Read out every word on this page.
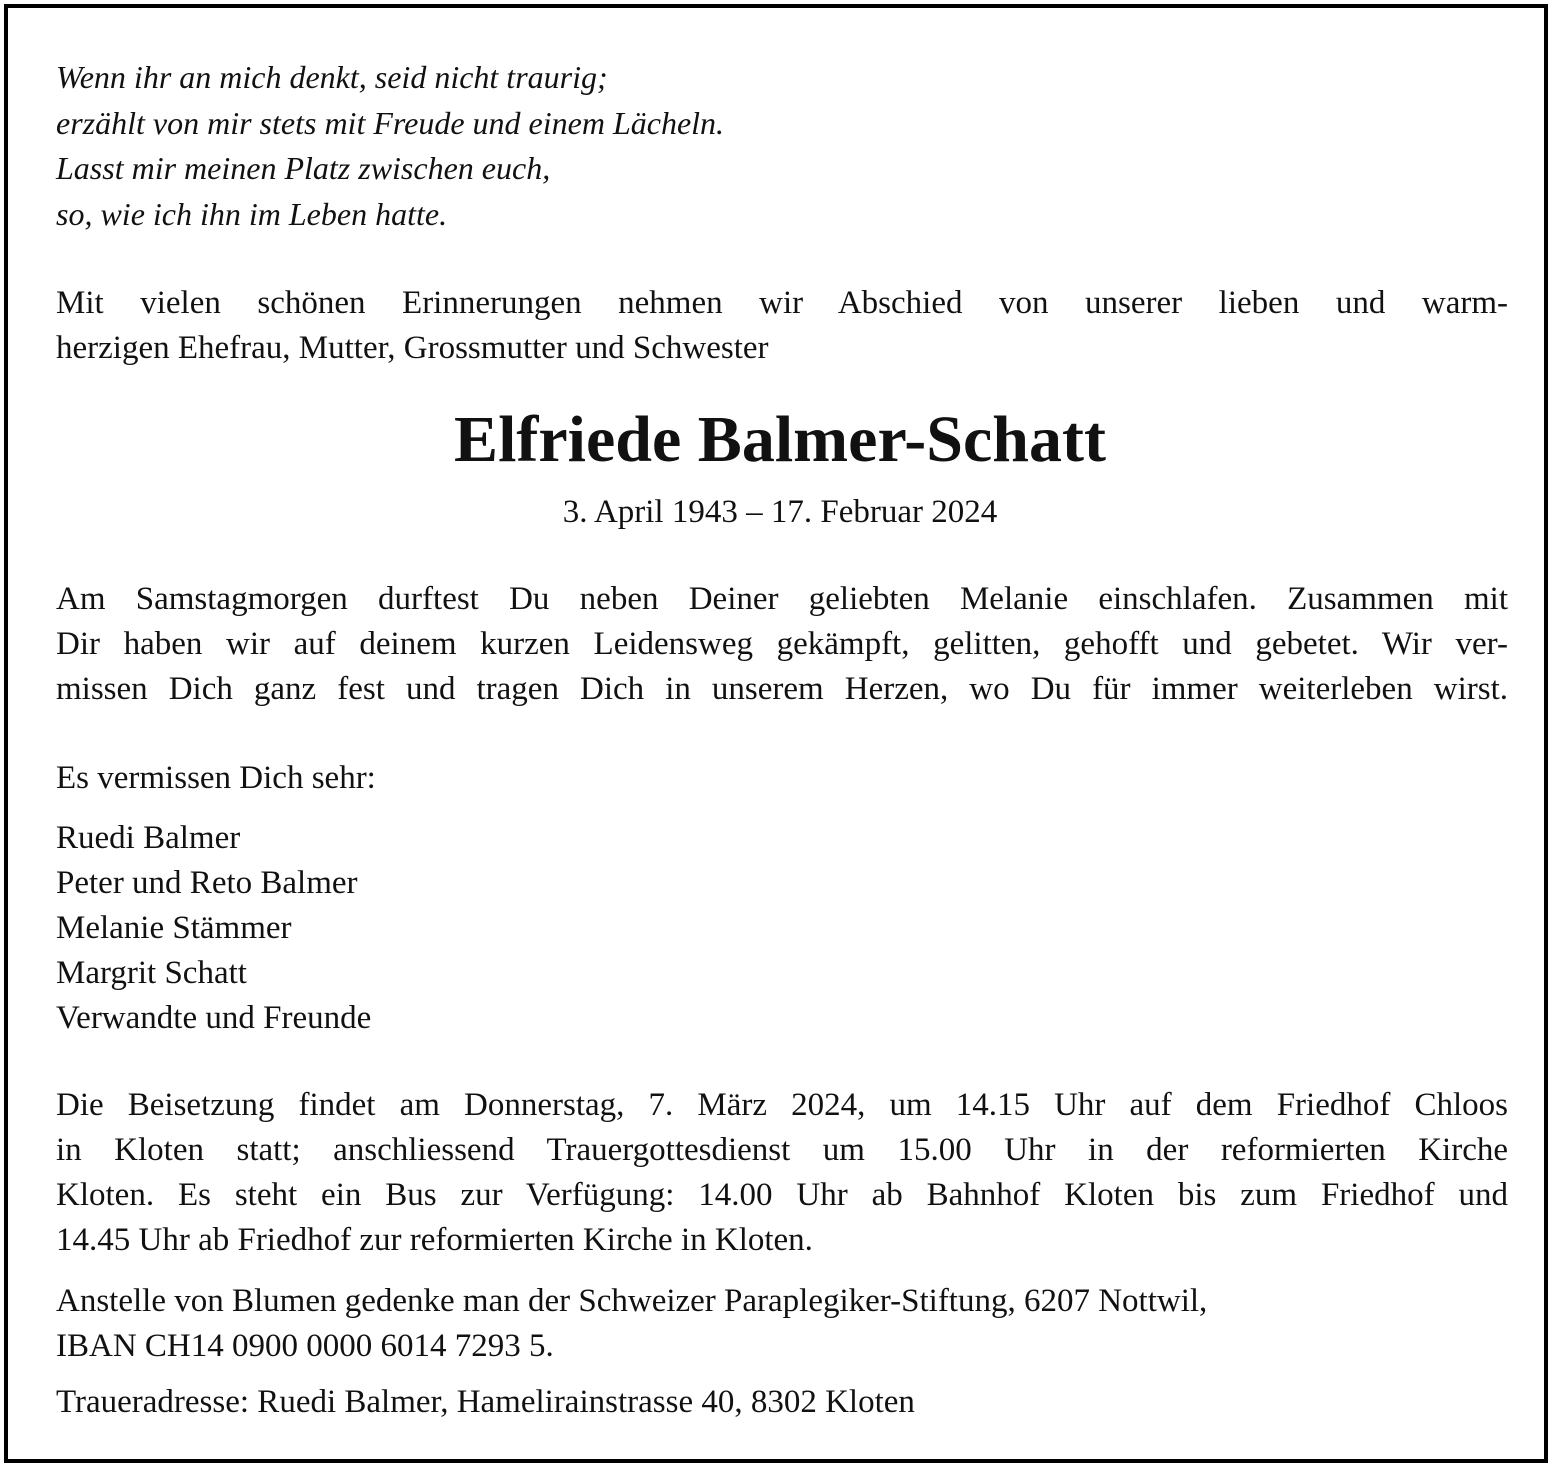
Wenn ihr an mich denkt, seid nicht traurig;
erzählt von mir stets mit Freude und einem Lächeln.
Lasst mir meinen Platz zwischen euch,
so, wie ich ihn im Leben hatte.
Mit vielen schönen Erinnerungen nehmen wir Abschied von unserer lieben und warm-
herzigen Ehefrau, Mutter, Grossmutter und Schwester
Elfriede Balmer-Schatt

3. April 1943 – 17. Februar 2024

Am Samstagmorgen durftest Du neben Deiner geliebten Melanie einschlafen. Zusammen mit
Dir haben wir auf deinem kurzen Leidensweg gekämpft, gelitten, gehofft und gebetet. Wir ver-
missen Dich ganz fest und tragen Dich in unserem Herzen, wo Du für immer weiterleben wirst.

Es vermissen Dich sehr:

Ruedi Balmer
Peter und Reto Balmer
Melanie Stämmer
Margrit Schatt
Verwandte und Freunde
Die Beisetzung findet am Donnerstag, 7. März 2024, um 14.15 Uhr auf dem Friedhof Chloos
in Kloten statt; anschliessend Trauergottesdienst um 15.00 Uhr in der reformierten Kirche
Kloten. Es steht ein Bus zur Verfügung: 14.00 Uhr ab Bahnhof Kloten bis zum Friedhof und
14.45 Uhr ab Friedhof zur reformierten Kirche in Kloten.
Anstelle von Blumen gedenke man der Schweizer Paraplegiker-Stiftung, 6207 Nottwil,
IBAN CH14 0900 0000 6014 7293 5.

Traueradresse: Ruedi Balmer, Hamelirainstrasse 40, 8302 Kloten
